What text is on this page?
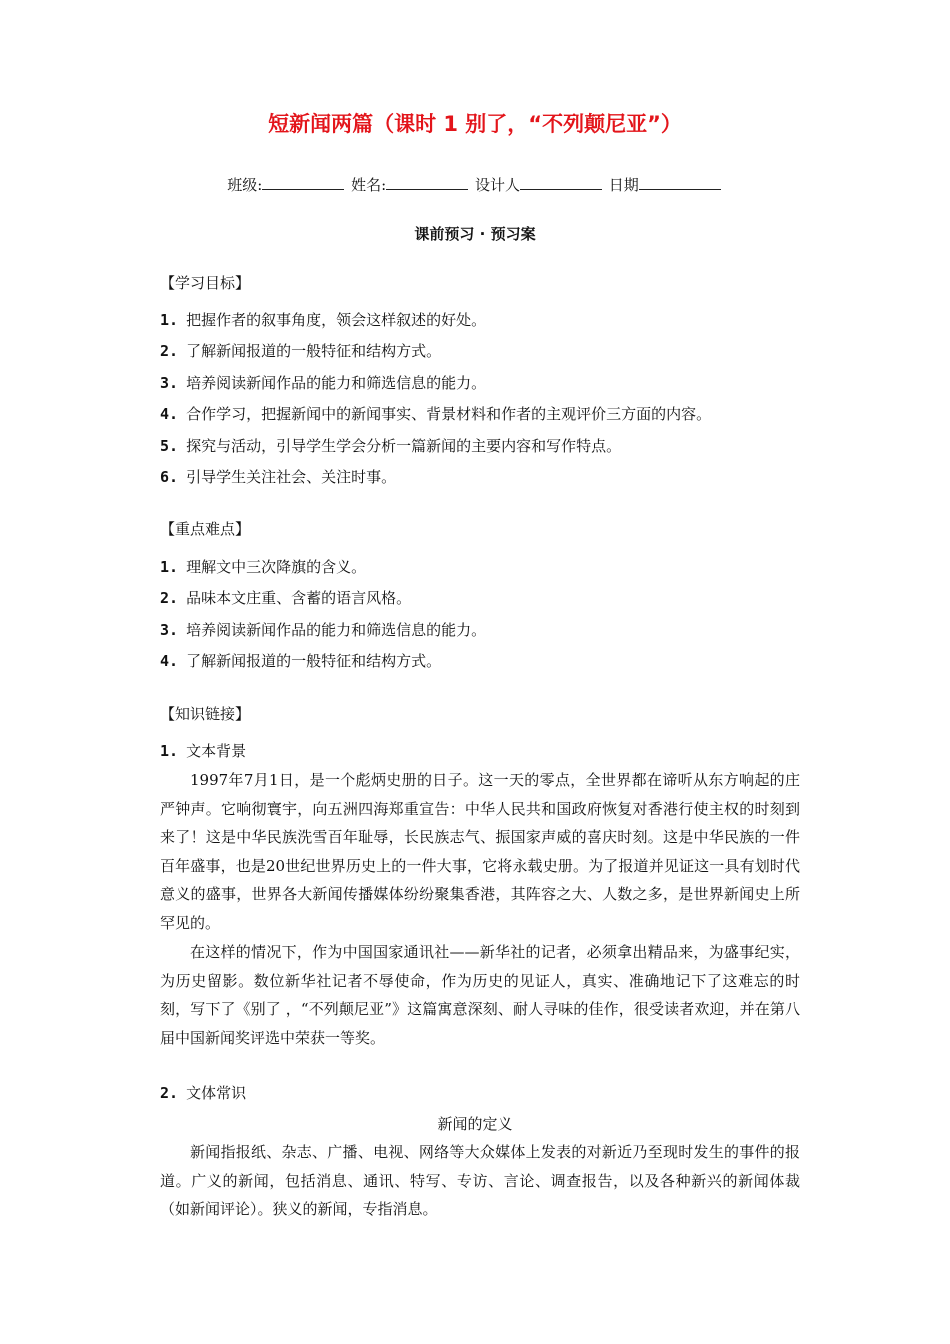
短新闻两篇（课时 1 别了，“不列颠尼亚”）
班级:	姓名:	设计人	日期
课前预习 · 预习案
【学习目标】
1. 把握作者的叙事角度，领会这样叙述的好处。
2. 了解新闻报道的一般特征和结构方式。
3. 培养阅读新闻作品的能力和筛选信息的能力。
4. 合作学习，把握新闻中的新闻事实、背景材料和作者的主观评价三方面的内容。
5. 探究与活动，引导学生学会分析一篇新闻的主要内容和写作特点。
6. 引导学生关注社会、关注时事。
【重点难点】
1. 理解文中三次降旗的含义。
2. 品味本文庄重、含蓄的语言风格。
3. 培养阅读新闻作品的能力和筛选信息的能力。
4. 了解新闻报道的一般特征和结构方式。
【知识链接】
1. 文本背景
1997年7月1日，是一个彪炳史册的日子。这一天的零点，全世界都在谛听从东方响起的庄严钟声。它响彻寰宇，向五洲四海郑重宣告：中华人民共和国政府恢复对香港行使主权的时刻到来了！这是中华民族洗雪百年耻辱，长民族志气、振国家声威的喜庆时刻。这是中华民族的一件百年盛事，也是20世纪世界历史上的一件大事，它将永载史册。为了报道并见证这一具有划时代意义的盛事，世界各大新闻传播媒体纷纷聚集香港，其阵容之大、人数之多，是世界新闻史上所罕见的。
在这样的情况下，作为中国国家通讯社——新华社的记者，必须拿出精品来，为盛事纪实，为历史留影。数位新华社记者不辱使命，作为历史的见证人，真实、准确地记下了这难忘的时刻，写下了《别了 ，“不列颠尼亚”》这篇寓意深刻、耐人寻味的佳作，很受读者欢迎，并在第八届中国新闻奖评选中荣获一等奖。
2. 文体常识
新闻的定义
新闻指报纸、杂志、广播、电视、网络等大众媒体上发表的对新近乃至现时发生的事件的报道。广义的新闻，包括消息、通讯、特写、专访、言论、调查报告，以及各种新兴的新闻体裁（如新闻评论）。狭义的新闻，专指消息。
